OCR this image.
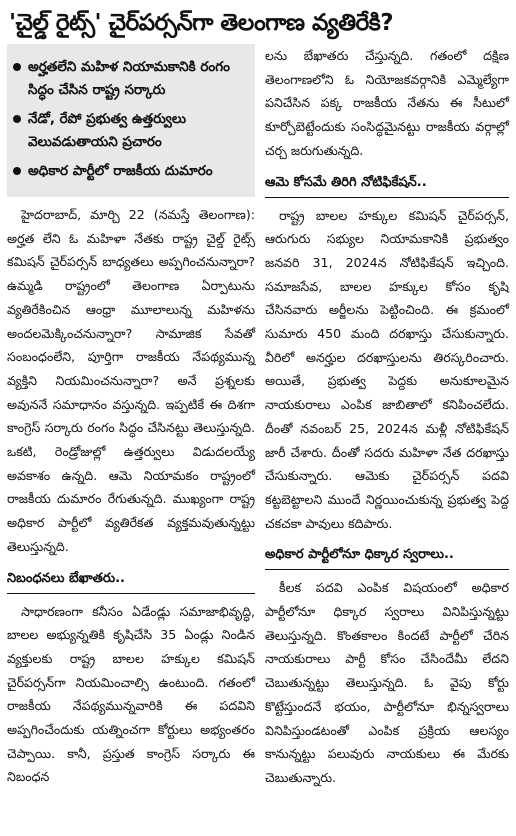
'చైల్డ్ రైట్స్' చైర్‌పర్సన్‌గా తెలంగాణ వ్యతిరేకి?
అర్హతలేని మహిళ నియామకానికి రంగం సిద్ధం చేసిన రాష్ట్ర సర్కారు
నేడో, రేపో ప్రభుత్వ ఉత్తర్వులు వెలువడుతాయని ప్రచారం
అధికార పార్టీలో రాజకీయ దుమారం

హైదరాబాద్, మార్చి 22 (నమస్తే తెలంగాణ): అర్హత లేని ఓ మహిళా నేతకు రాష్ట్ర చైల్డ్ రైట్స్ కమిషన్ చైర్‌పర్సన్ బాధ్యతలు అప్పగించనున్నారా? ఉమ్మడి రాష్ట్రంలో తెలంగాణ ఏర్పాటును వ్యతిరేకించిన ఆంధ్రా మూలాలున్న మహిళను అందలమెక్కించనున్నారా? సామాజిక సేవతో సంబంధంలేని, పూర్తిగా రాజకీయ నేపథ్యమున్న వ్యక్తిని నియమించనున్నారా? అనే ప్రశ్నలకు అవుననే సమాధానం వస్తున్నది. ఇప్పటికే ఈ దిశగా కాంగ్రెస్ సర్కారు రంగం సిద్ధం చేసినట్టు తెలుస్తున్నది. ఒకటి, రెండ్రోజుల్లో ఉత్తర్వులు విడుదలయ్యే అవకాశం ఉన్నది. ఆమె నియామకం రాష్ట్రంలో రాజకీయ దుమారం రేగుతున్నది. ముఖ్యంగా రాష్ట్ర అధికార పార్టీలో వ్యతిరేకత వ్యక్తమవుతున్నట్టు తెలుస్తున్నది.

నిబంధనలు బేఖాతరు..

సాధారణంగా కనీసం ఏడేండ్లు సమాజాభివృద్ధి, బాలల అభ్యున్నతికి కృషిచేసి 35 ఏండ్లు నిండిన వ్యక్తులకు రాష్ట్ర బాలల హక్కుల కమిషన్ చైర్‌పర్సన్‌గా నియమించాల్సి ఉంటుంది. గతంలో రాజకీయ నేపథ్యమున్నవారికి ఈ పదవిని అప్పగించేందుకు యత్నించగా కోర్టులు అభ్యంతరం చెప్పాయి. కానీ, ప్రస్తుత కాంగ్రెస్ సర్కారు ఈ నిబంధన

లను బేఖాతరు చేస్తున్నది. గతంలో దక్షిణ తెలంగాణలోని ఓ నియోజకవర్గానికి ఎమ్మెల్యేగా పనిచేసిన పక్క రాజకీయ నేతను ఈ సీటులో కూర్చోబెట్టేందుకు సంసిద్ధమైనట్టు రాజకీయ వర్గాల్లో చర్చ జరుగుతున్నది.

ఆమె కోసమే తిరిగి నోటిఫికేషన్..

రాష్ట్ర బాలల హక్కుల కమిషన్ చైర్‌పర్సన్, ఆరుగురు సభ్యుల నియామకానికి ప్రభుత్వం జనవరి 31, 2024న నోటిఫికేషన్ ఇచ్చింది. సమాజసేవ, బాలల హక్కుల కోసం కృషి చేసినవారు అర్జీలను పెట్టించింది. ఈ క్రమంలో సుమారు 450 మంది దరఖాస్తు చేసుకున్నారు. వీరిలో అనర్హుల దరఖాస్తులను తిరస్కరించారు. అయితే, ప్రభుత్వ పెద్దకు అనుకూలమైన నాయకురాలు ఎంపిక జాబితాలో కనిపించలేదు. దీంతో నవంబర్ 25, 2024న మళ్లీ నోటిఫికేషన్ జారీ చేశారు. దీంతో సదరు మహిళా నేత దరఖాస్తు చేసుకున్నారు. ఆమెకు చైర్‌పర్సన్ పదవి కట్టబెట్టాలని ముందే నిర్ణయించుకున్న ప్రభుత్వ పెద్ద చకచకా పావులు కదిపారు.

అధికార పార్టీలోనూ ధిక్కార స్వరాలు..

కీలక పదవి ఎంపిక విషయంలో అధికార పార్టీలోనూ ధిక్కార స్వరాలు వినిపిస్తున్నట్టు తెలుస్తున్నది. కొంతకాలం కిందటే పార్టీలో చేరిన నాయకురాలు పార్టీ కోసం చేసిందేమీ లేదని చెబుతున్నట్టు తెలుస్తున్నది. ఓ వైపు కోర్టు కొట్టేస్తుందనే భయం, పార్టీలోనూ భిన్నస్వరాలు వినిపిస్తుండటంతో ఎంపిక ప్రక్రియ ఆలస్యం కానున్నట్టు పలువురు నాయకులు ఈ మేరకు చెబుతున్నారు.
